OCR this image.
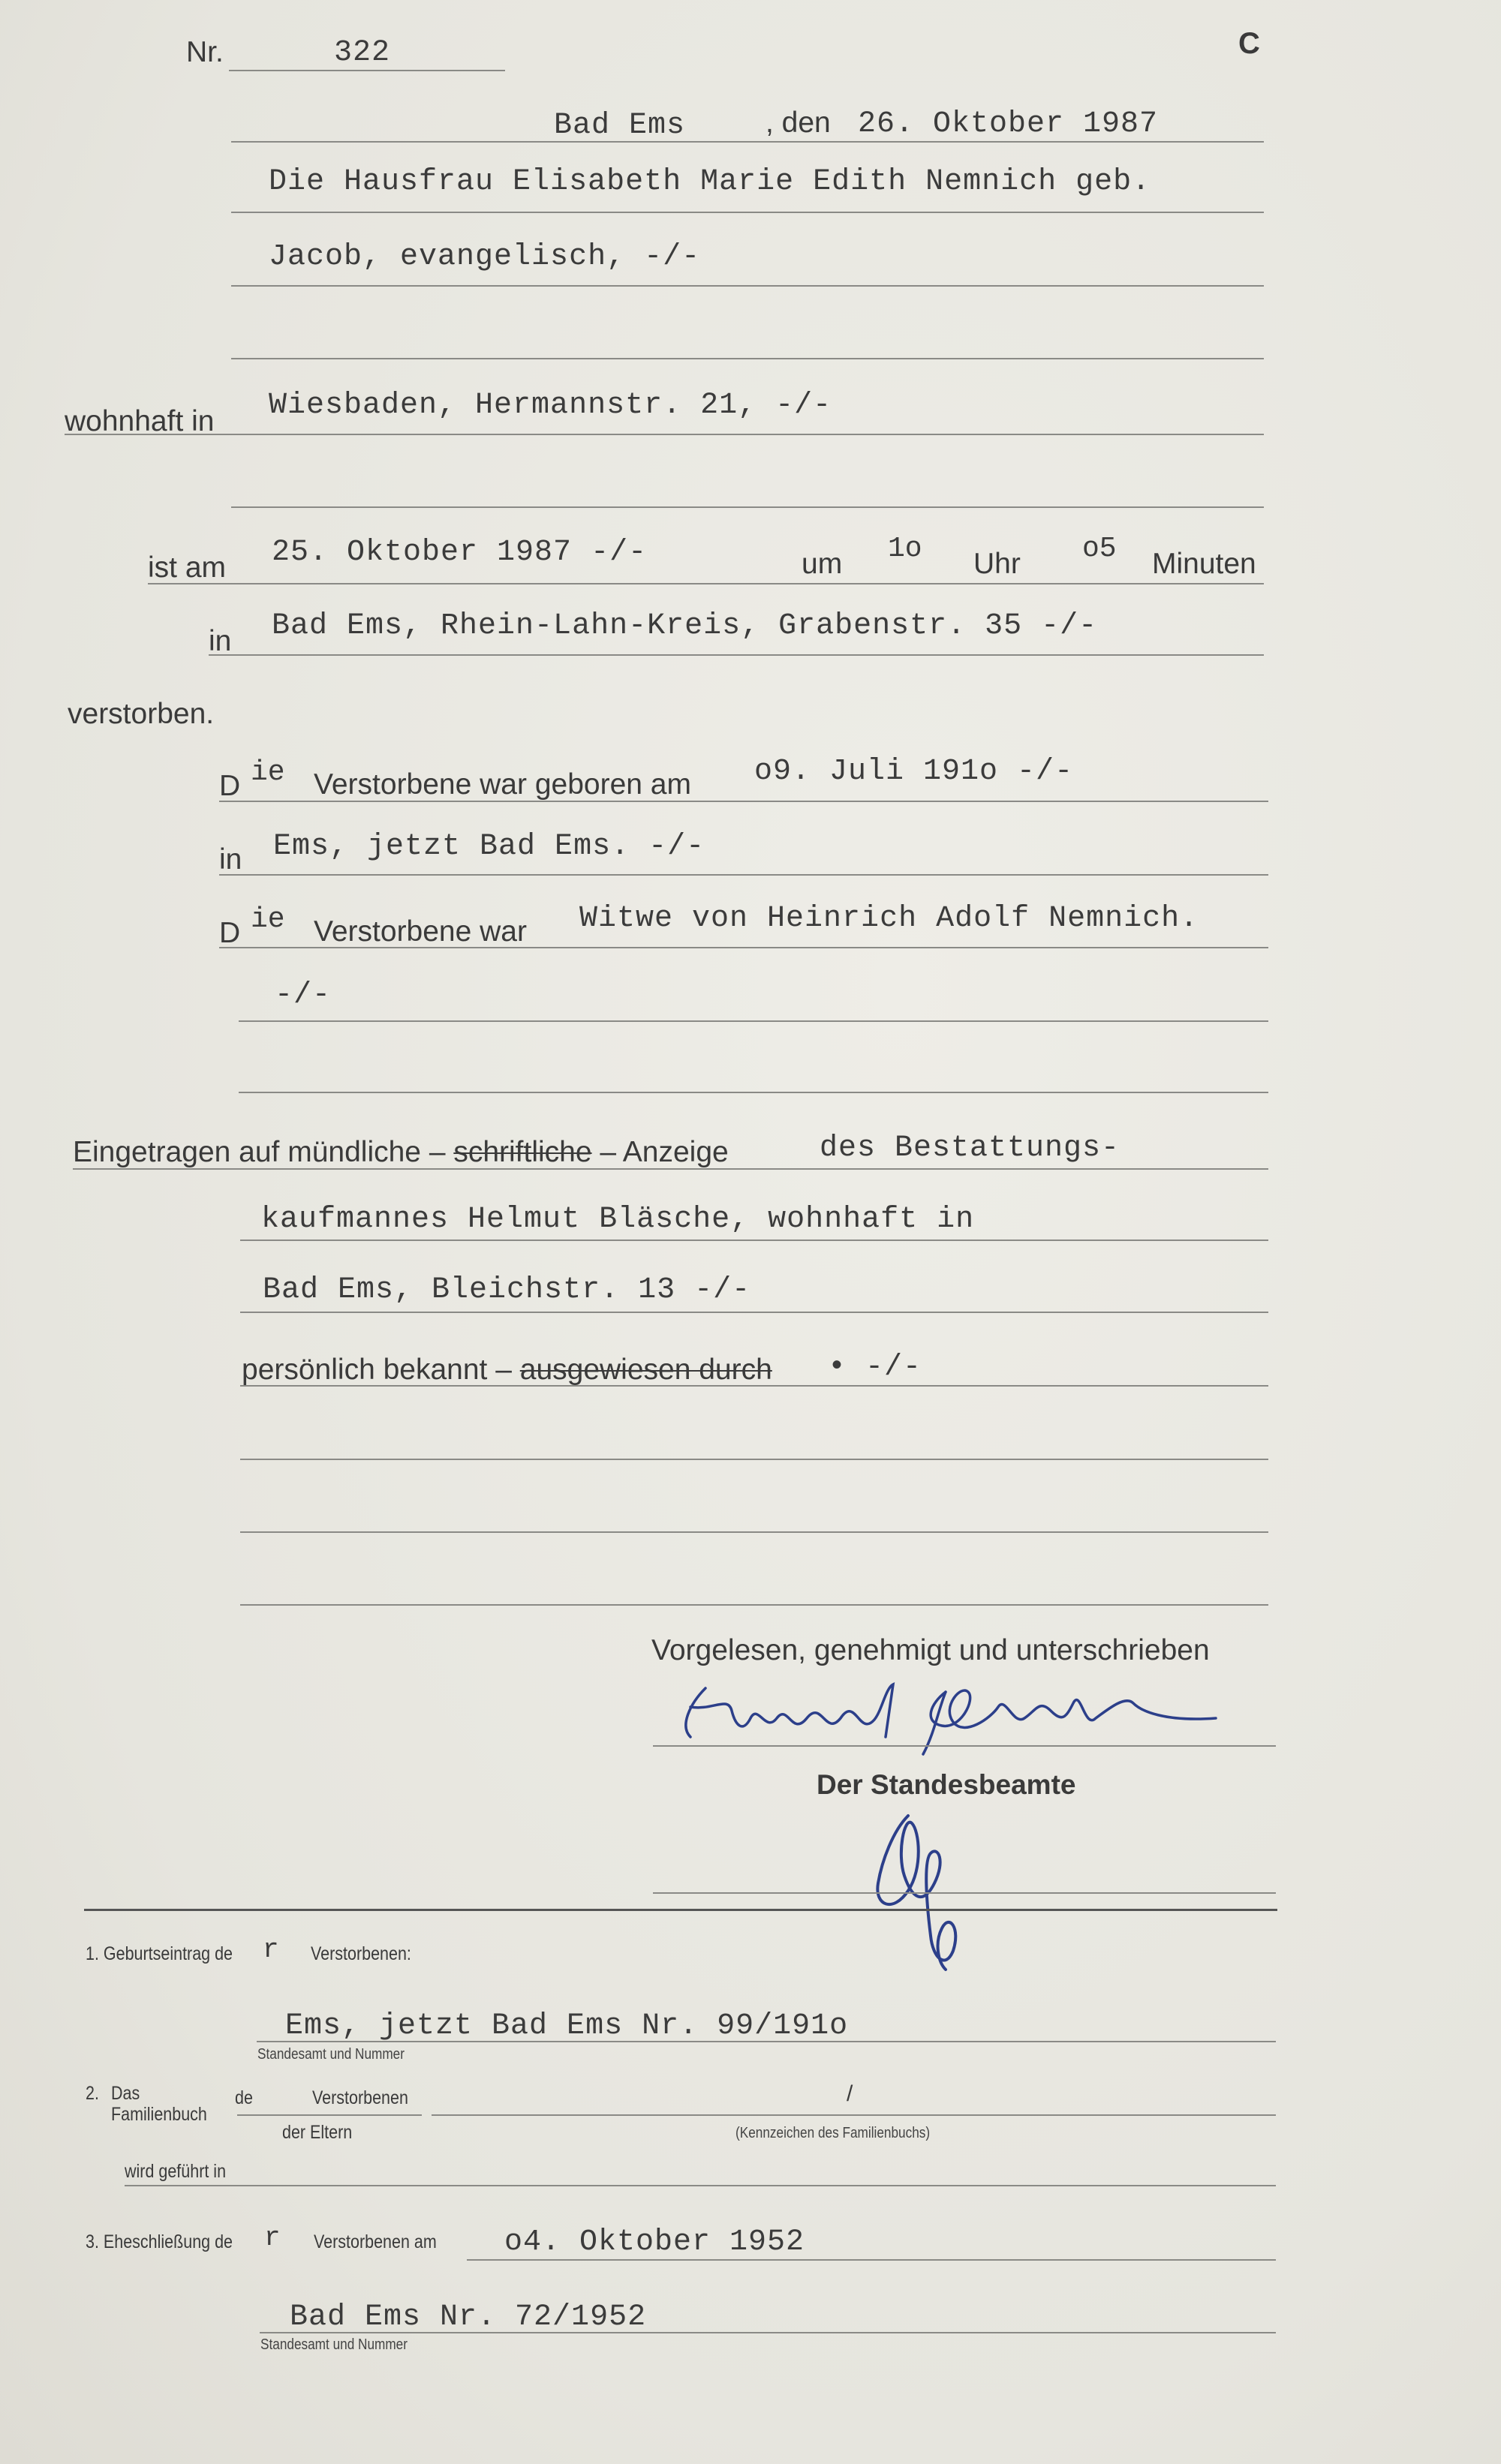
Nr.	322	C
Bad Ems	, den 26. Oktober 1987
Die Hausfrau Elisabeth Marie Edith Nemnich geb.
Jacob, evangelisch, -/-
wohnhaft in Wiesbaden, Hermannstr. 21, -/-
ist am 25. Oktober 1987 -/-	um 1o Uhr o5 Minuten
in Bad Ems, Rhein-Lahn-Kreis, Grabenstr. 35 -/-
verstorben.
D ie Verstorbene war geboren am o9. Juli 191o -/-
in Ems, jetzt Bad Ems. -/-
D ie Verstorbene war Witwe von Heinrich Adolf Nemnich.
-/-
Eingetragen auf mündliche – schriftliche – Anzeige	des Bestattungs-
kaufmannes Helmut Bläsche, wohnhaft in
Bad Ems, Bleichstr. 13 -/-
persönlich bekannt – ausgewiesen durch • -/-
Vorgelesen, genehmigt und unterschrieben
Der Standesbeamte
1. Geburtseintrag de r Verstorbenen:
Ems, jetzt Bad Ems Nr. 99/191o
Standesamt und Nummer
2. Das
Familienbuch
de	Verstorbenen
der Eltern
/
(Kennzeichen des Familienbuchs)
wird geführt in
3. Eheschließung de r Verstorbenen am o4. Oktober 1952
Bad Ems Nr. 72/1952
Standesamt und Nummer
